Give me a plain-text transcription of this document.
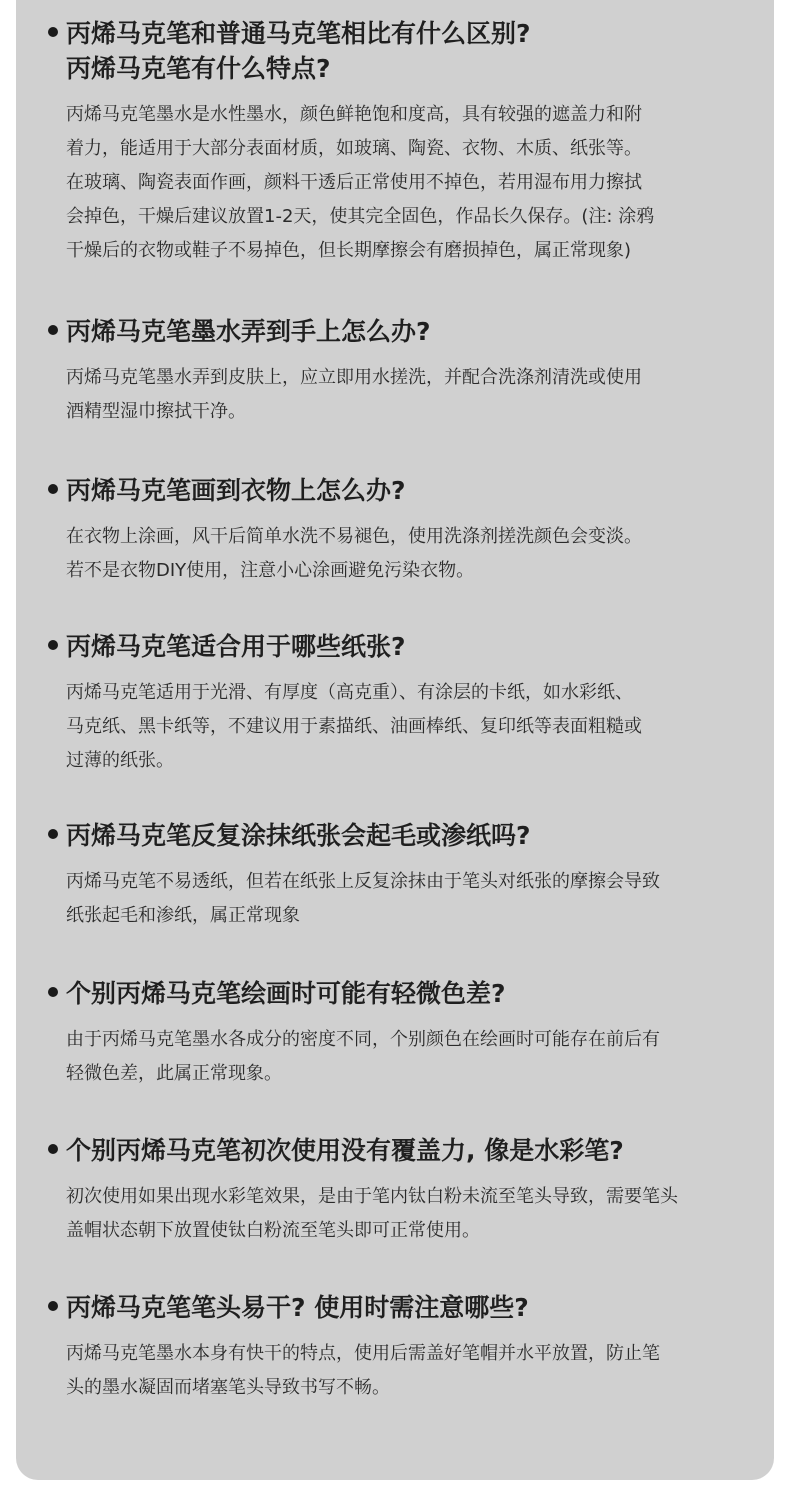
丙烯马克笔和普通马克笔相比有什么区别?
丙烯马克笔有什么特点?

丙烯马克笔墨水是水性墨水，颜色鲜艳饱和度高，具有较强的遮盖力和附
着力，能适用于大部分表面材质，如玻璃、陶瓷、衣物、木质、纸张等。
在玻璃、陶瓷表面作画，颜料干透后正常使用不掉色，若用湿布用力擦拭
会掉色，干燥后建议放置1-2天，使其完全固色，作品长久保存。(注: 涂鸦
干燥后的衣物或鞋子不易掉色，但长期摩擦会有磨损掉色，属正常现象)

丙烯马克笔墨水弄到手上怎么办?

丙烯马克笔墨水弄到皮肤上，应立即用水搓洗，并配合洗涤剂清洗或使用
酒精型湿巾擦拭干净。

丙烯马克笔画到衣物上怎么办?

在衣物上涂画，风干后简单水洗不易褪色，使用洗涤剂搓洗颜色会变淡。
若不是衣物DIY使用，注意小心涂画避免污染衣物。

丙烯马克笔适合用于哪些纸张?

丙烯马克笔适用于光滑、有厚度（高克重）、有涂层的卡纸，如水彩纸、
马克纸、黑卡纸等，不建议用于素描纸、油画棒纸、复印纸等表面粗糙或
过薄的纸张。

丙烯马克笔反复涂抹纸张会起毛或渗纸吗?

丙烯马克笔不易透纸，但若在纸张上反复涂抹由于笔头对纸张的摩擦会导致
纸张起毛和渗纸，属正常现象

个别丙烯马克笔绘画时可能有轻微色差?

由于丙烯马克笔墨水各成分的密度不同，个别颜色在绘画时可能存在前后有
轻微色差，此属正常现象。

个别丙烯马克笔初次使用没有覆盖力, 像是水彩笔?

初次使用如果出现水彩笔效果，是由于笔内钛白粉未流至笔头导致，需要笔头
盖帽状态朝下放置使钛白粉流至笔头即可正常使用。

丙烯马克笔笔头易干? 使用时需注意哪些?

丙烯马克笔墨水本身有快干的特点，使用后需盖好笔帽并水平放置，防止笔
头的墨水凝固而堵塞笔头导致书写不畅。
